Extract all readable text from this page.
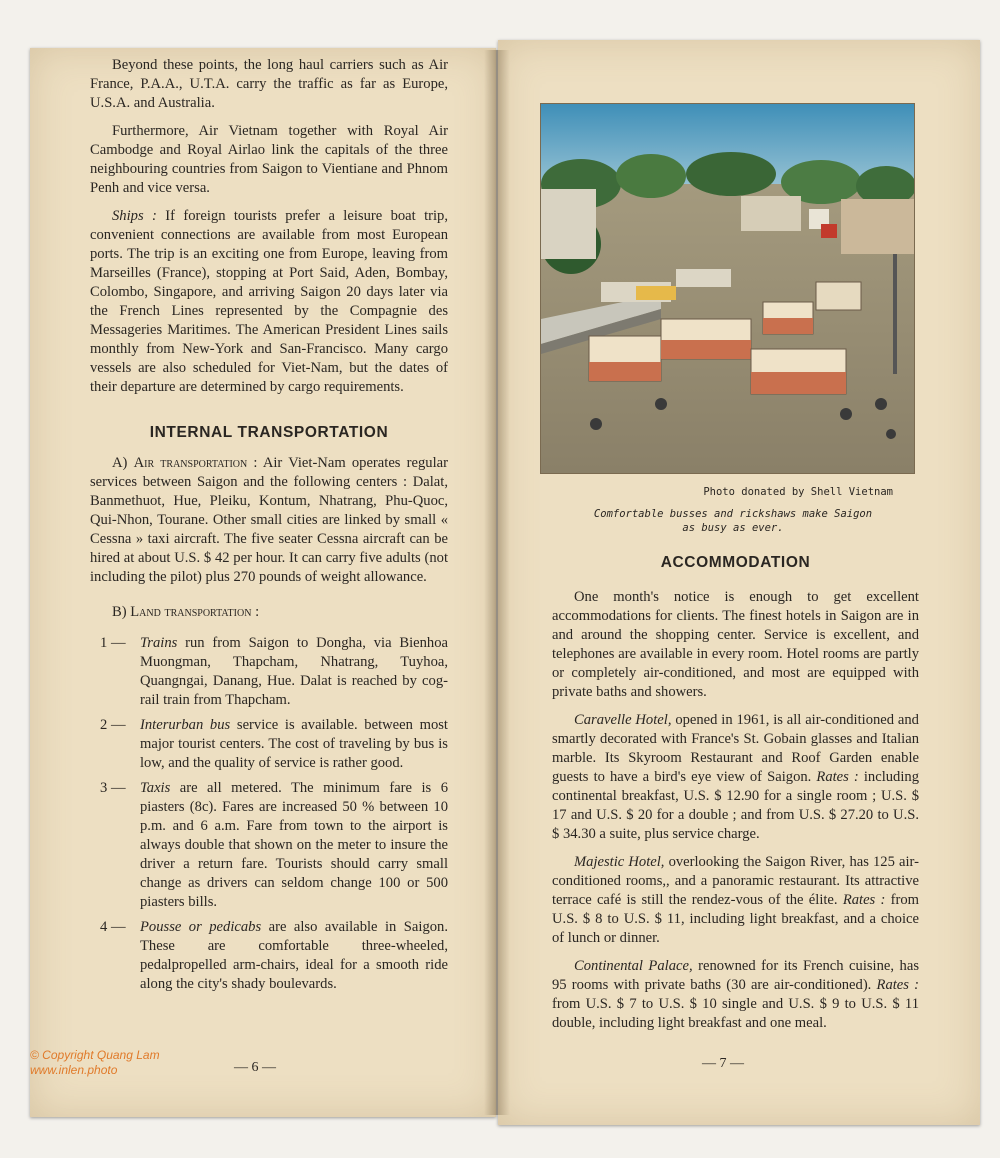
Beyond these points, the long haul carriers such as Air France, P.A.A., U.T.A. carry the traffic as far as Europe, U.S.A. and Australia.

Furthermore, Air Vietnam together with Royal Air Cambodge and Royal Airlao link the capitals of the three neighbouring countries from Saigon to Vientiane and Phnom Penh and vice versa.

Ships : If foreign tourists prefer a leisure boat trip, convenient connections are available from most European ports. The trip is an exciting one from Europe, leaving from Marseilles (France), stopping at Port Said, Aden, Bombay, Colombo, Singapore, and arriving Saigon 20 days later via the French Lines represented by the Compagnie des Messageries Maritimes. The American President Lines sails monthly from New-York and San-Francisco. Many cargo vessels are also scheduled for Viet-Nam, but the dates of their departure are determined by cargo requirements.

INTERNAL TRANSPORTATION

A) Air transportation : Air Viet-Nam operates regular services between Saigon and the following centers : Dalat, Banmethuot, Hue, Pleiku, Kontum, Nhatrang, Phu-Quoc, Qui-Nhon, Tourane. Other small cities are linked by small « Cessna » taxi aircraft. The five seater Cessna aircraft can be hired at about U.S. $ 42 per hour. It can carry five adults (not including the pilot) plus 270 pounds of weight allowance.

B) Land transportation :

1 — Trains run from Saigon to Dongha, via Bienhoa Muongman, Thapcham, Nhatrang, Tuyhoa, Quangngai, Danang, Hue. Dalat is reached by cog-rail train from Thapcham.
2 — Interurban bus service is available. between most major tourist centers. The cost of traveling by bus is low, and the quality of service is rather good.
3 — Taxis are all metered. The minimum fare is 6 piasters (8c). Fares are increased 50 % between 10 p.m. and 6 a.m. Fare from town to the airport is always double that shown on the meter to insure the driver a return fare. Tourists should carry small change as drivers can seldom change 100 or 500 piasters bills.
4 — Pousse or pedicabs are also available in Saigon. These are comfortable three-wheeled, pedalpropelled arm-chairs, ideal for a smooth ride along the city's shady boulevards.
— 6 —
Photo donated by Shell Vietnam
Comfortable busses and rickshaws make Saigon
as busy as ever.
ACCOMMODATION

One month's notice is enough to get excellent accommodations for clients. The finest hotels in Saigon are in and around the shopping center. Service is excellent, and telephones are available in every room. Hotel rooms are partly or completely air-conditioned, and most are equipped with private baths and showers.

Caravelle Hotel, opened in 1961, is all air-conditioned and smartly decorated with France's St. Gobain glasses and Italian marble. Its Skyroom Restaurant and Roof Garden enable guests to have a bird's eye view of Saigon. Rates : including continental breakfast, U.S. $ 12.90 for a single room ; U.S. $ 17 and U.S. $ 20 for a double ; and from U.S. $ 27.20 to U.S. $ 34.30 a suite, plus service charge.

Majestic Hotel, overlooking the Saigon River, has 125 air-conditioned rooms,, and a panoramic restaurant. Its attractive terrace café is still the rendez-vous of the élite. Rates : from U.S. $ 8 to U.S. $ 11, including light breakfast, and a choice of lunch or dinner.

Continental Palace, renowned for its French cuisine, has 95 rooms with private baths (30 are air-conditioned). Rates : from U.S. $ 7 to U.S. $ 10 single and U.S. $ 9 to U.S. $ 11 double, including light breakfast and one meal.

— 7 —
© Copyright Quang Lam
www.inlen.photo
